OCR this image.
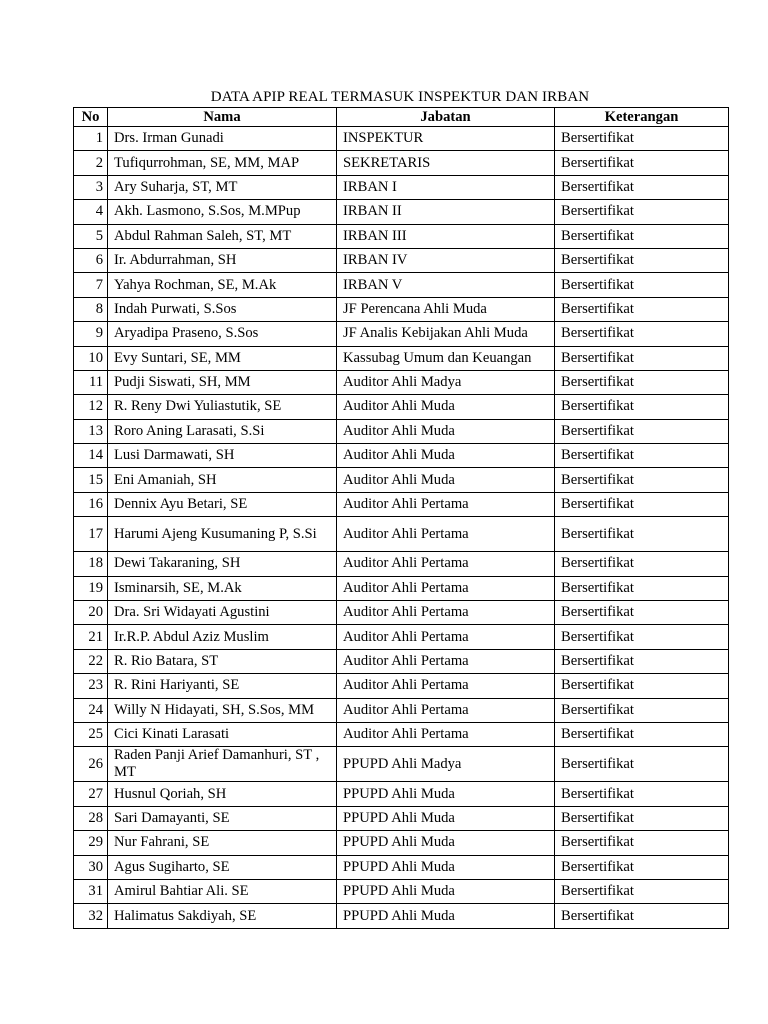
DATA APIP REAL TERMASUK INSPEKTUR DAN IRBAN
No	Nama	Jabatan	Keterangan
1	Drs. Irman Gunadi	INSPEKTUR	Bersertifikat
2	Tufiqurrohman, SE, MM, MAP	SEKRETARIS	Bersertifikat
3	Ary Suharja, ST, MT	IRBAN I	Bersertifikat
4	Akh. Lasmono, S.Sos, M.MPup	IRBAN II	Bersertifikat
5	Abdul Rahman Saleh, ST, MT	IRBAN III	Bersertifikat
6	Ir. Abdurrahman, SH	IRBAN IV	Bersertifikat
7	Yahya Rochman, SE, M.Ak	IRBAN V	Bersertifikat
8	Indah Purwati, S.Sos	JF Perencana Ahli Muda	Bersertifikat
9	Aryadipa Praseno, S.Sos	JF Analis Kebijakan Ahli Muda	Bersertifikat
10	Evy Suntari, SE, MM	Kassubag Umum dan Keuangan	Bersertifikat
11	Pudji Siswati, SH, MM	Auditor Ahli Madya	Bersertifikat
12	R. Reny Dwi Yuliastutik, SE	Auditor Ahli Muda	Bersertifikat
13	Roro Aning Larasati, S.Si	Auditor Ahli Muda	Bersertifikat
14	Lusi Darmawati, SH	Auditor Ahli Muda	Bersertifikat
15	Eni Amaniah, SH	Auditor Ahli Muda	Bersertifikat
16	Dennix Ayu Betari, SE	Auditor Ahli Pertama	Bersertifikat
17	Harumi Ajeng Kusumaning P, S.Si	Auditor Ahli Pertama	Bersertifikat
18	Dewi Takaraning, SH	Auditor Ahli Pertama	Bersertifikat
19	Isminarsih, SE, M.Ak	Auditor Ahli Pertama	Bersertifikat
20	Dra. Sri Widayati Agustini	Auditor Ahli Pertama	Bersertifikat
21	Ir.R.P. Abdul Aziz Muslim	Auditor Ahli Pertama	Bersertifikat
22	R. Rio Batara, ST	Auditor Ahli Pertama	Bersertifikat
23	R. Rini Hariyanti, SE	Auditor Ahli Pertama	Bersertifikat
24	Willy N Hidayati, SH, S.Sos, MM	Auditor Ahli Pertama	Bersertifikat
25	Cici Kinati Larasati	Auditor Ahli Pertama	Bersertifikat
26	Raden Panji Arief Damanhuri, ST , MT	PPUPD Ahli Madya	Bersertifikat
27	Husnul Qoriah, SH	PPUPD Ahli Muda	Bersertifikat
28	Sari Damayanti, SE	PPUPD Ahli Muda	Bersertifikat
29	Nur Fahrani, SE	PPUPD Ahli Muda	Bersertifikat
30	Agus Sugiharto, SE	PPUPD Ahli Muda	Bersertifikat
31	Amirul Bahtiar Ali. SE	PPUPD Ahli Muda	Bersertifikat
32	Halimatus Sakdiyah, SE	PPUPD Ahli Muda	Bersertifikat
